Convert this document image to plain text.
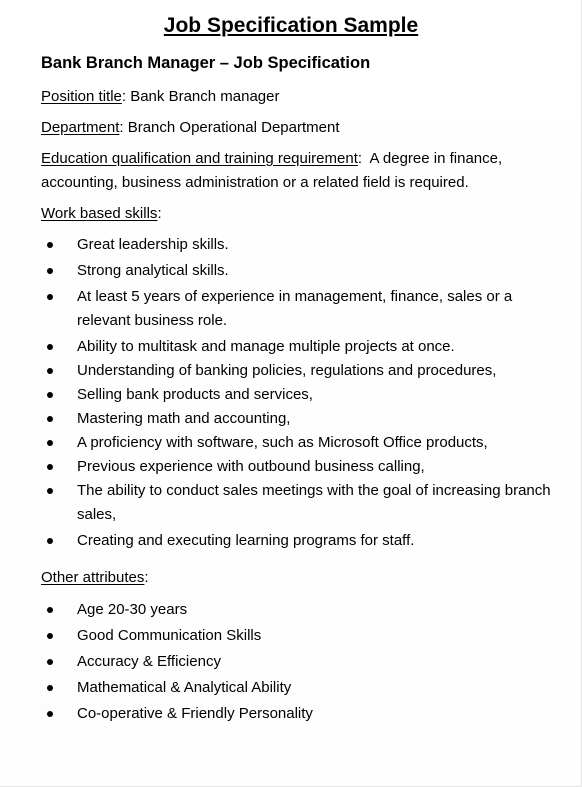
Job Specification Sample
Bank Branch Manager – Job Specification
Position title: Bank Branch manager
Department: Branch Operational Department
Education qualification and training requirement:  A degree in finance, accounting, business administration or a related field is required.
Work based skills:
Great leadership skills.
Strong analytical skills.
At least 5 years of experience in management, finance, sales or a relevant business role.
Ability to multitask and manage multiple projects at once.
Understanding of banking policies, regulations and procedures,
Selling bank products and services,
Mastering math and accounting,
A proficiency with software, such as Microsoft Office products,
Previous experience with outbound business calling,
The ability to conduct sales meetings with the goal of increasing branch sales,
Creating and executing learning programs for staff.
Other attributes:
Age 20-30 years
Good Communication Skills
Accuracy & Efficiency
Mathematical & Analytical Ability
Co-operative & Friendly Personality
